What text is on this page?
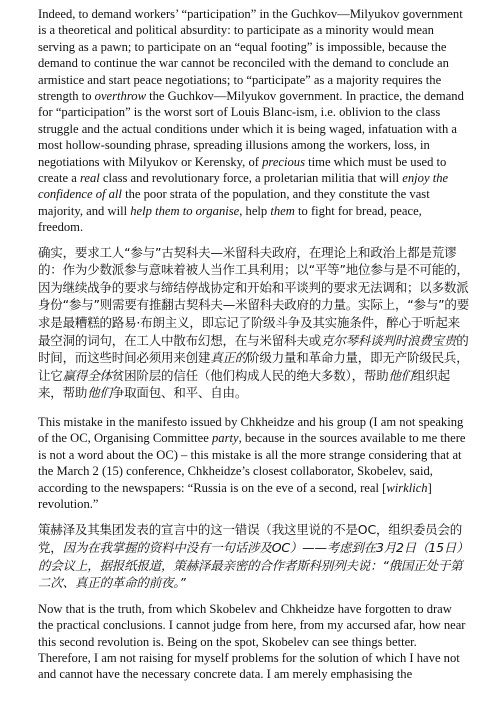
Indeed, to demand workers’ “participation” in the Guchkov—Milyukov government is a theoretical and political absurdity: to participate as a minority would mean serving as a pawn; to participate on an “equal footing” is impossible, because the demand to continue the war cannot be reconciled with the demand to conclude an armistice and start peace negotiations; to “participate” as a majority requires the strength to overthrow the Guchkov—Milyukov government. In practice, the demand for “participation” is the worst sort of Louis Blanc-ism, i.e. oblivion to the class struggle and the actual conditions under which it is being waged, infatuation with a most hollow-sounding phrase, spreading illusions among the workers, loss, in negotiations with Milyukov or Kerensky, of precious time which must be used to create a real class and revolutionary force, a proletarian militia that will enjoy the confidence of all the poor strata of the population, and they constitute the vast majority, and will help them to organise, help them to fight for bread, peace, freedom.

确实，要求工人“参与”古契科夫—米留科夫政府，在理论上和政治上都是荒谬的：作为少数派参与意味着被人当作工具利用；以“平等”地位参与是不可能的，因为继续战争的要求与缔结停战协定和开始和平谈判的要求无法调和；以多数派身份“参与”则需要有推翻古契科夫—米留科夫政府的力量。实际上，“参与”的要求是最糟糕的路易·布朗主义，即忘记了阶级斗争及其实施条件，醉心于听起来最空洞的词句，在工人中散布幻想，在与米留科夫或克尔琴科谈判时浪费宝贵的时间，而这些时间必须用来创建真正的阶级力量和革命力量，即无产阶级民兵，让它赢得全体贫困阶层的信任（他们构成人民的绝大多数），帮助他们组织起来，帮助他们争取面包、和平、自由。

This mistake in the manifesto issued by Chkheidze and his group (I am not speaking of the OC, Organising Committee party, because in the sources available to me there is not a word about the OC) – this mistake is all the more strange considering that at the March 2 (15) conference, Chkheidze’s closest collaborator, Skobelev, said, according to the newspapers: “Russia is on the eve of a second, real [wirklich] revolution.”

策赫泽及其集团发表的宣言中的这一错误（我这里说的不是OC，组织委员会的党，因为在我掌握的资料中没有一句话涉及OC）——考虑到在3月2日（15日）的会议上，据报纸报道，策赫泽最亲密的合作者斯科别列夫说：“俄国正处于第二次、真正的革命的前夜。”

Now that is the truth, from which Skobelev and Chkheidze have forgotten to draw the practical conclusions. I cannot judge from here, from my accursed afar, how near this second revolution is. Being on the spot, Skobelev can see things better. Therefore, I am not raising for myself problems for the solution of which I have not and cannot have the necessary concrete data. I am merely emphasising the
